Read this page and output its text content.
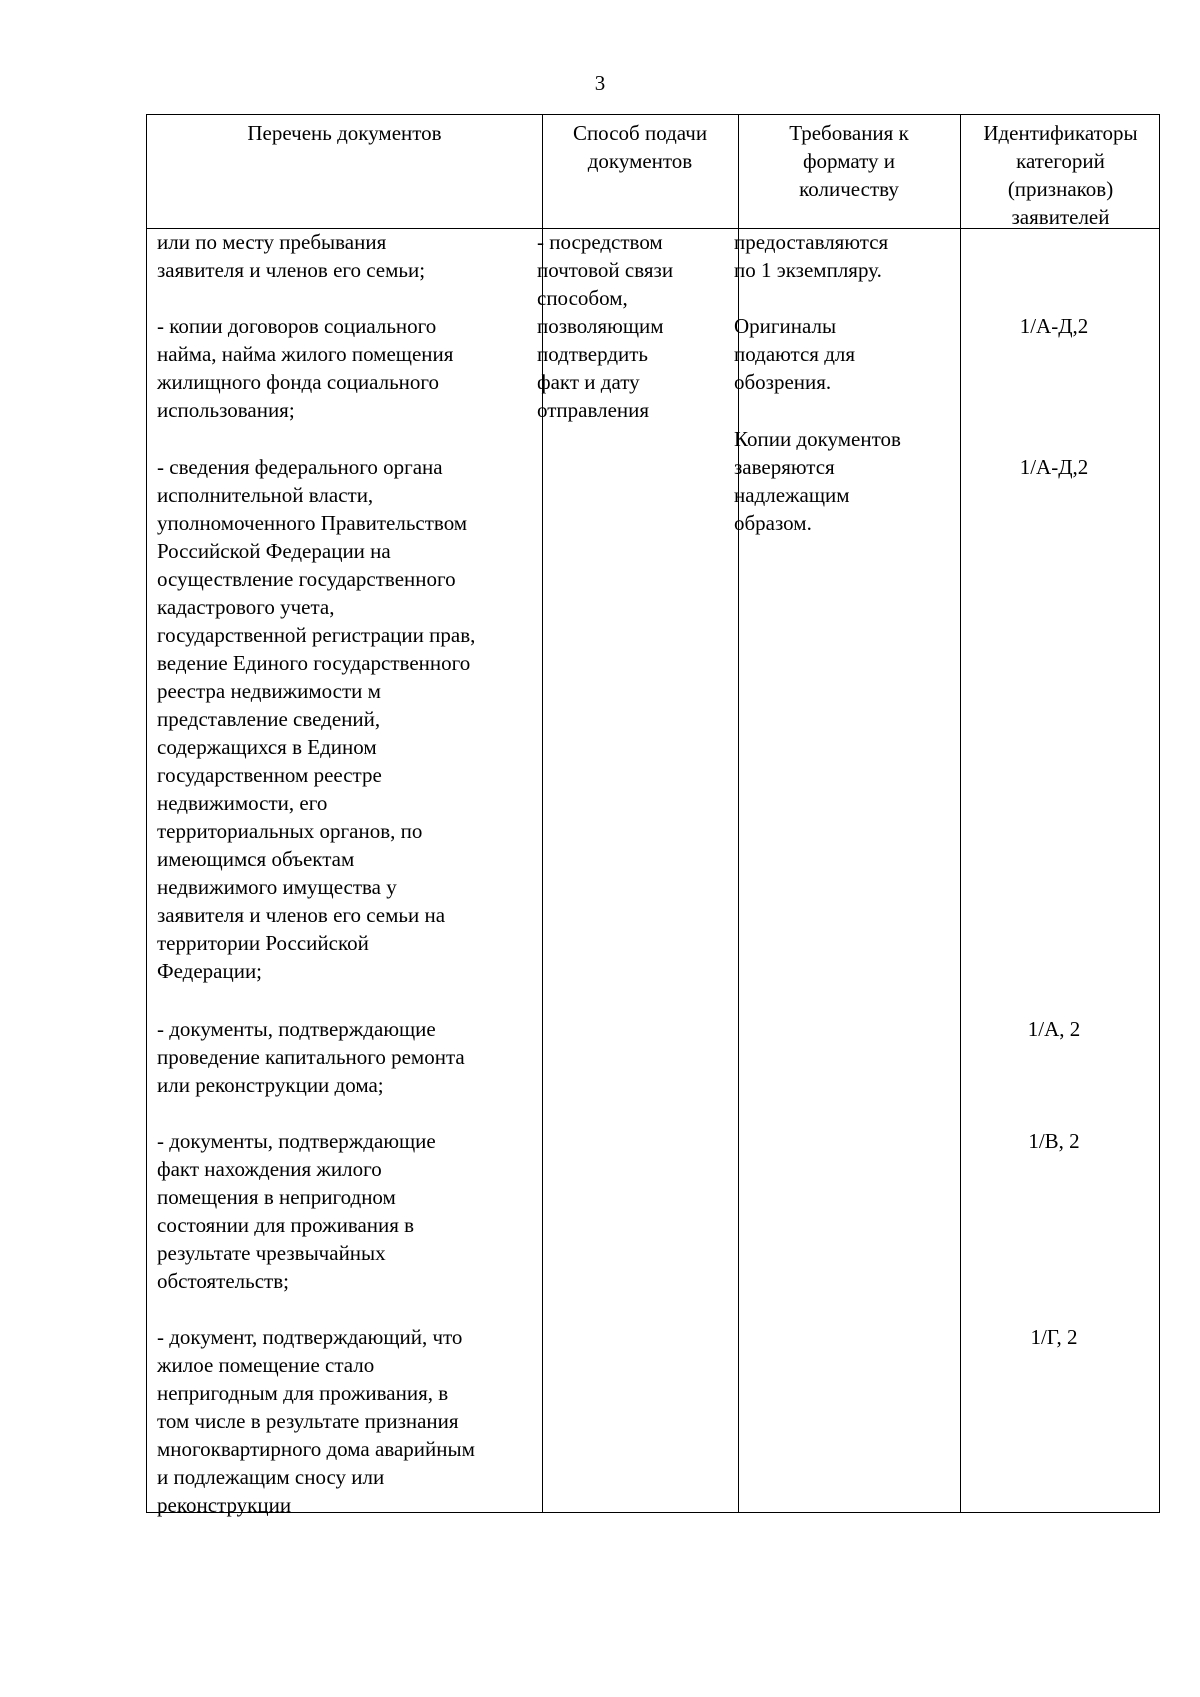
3
Перечень документов	Способ подачи
документов
Требования к
формату и
количеству
Идентификаторы
категорий
(признаков)
заявителей
или по месту пребывания
заявителя и членов его семьи;
- копии договоров социального
найма, найма жилого помещения
жилищного фонда социального
использования;
- сведения федерального органа
исполнительной власти,
уполномоченного Правительством
Российской Федерации на
осуществление государственного
кадастрового учета,
государственной регистрации прав,
ведение Единого государственного
реестра недвижимости м
представление сведений,
содержащихся в Едином
государственном реестре
недвижимости, его
территориальных органов, по
имеющимся объектам
недвижимого имущества у
заявителя и членов его семьи на
территории Российской
Федерации;
- документы, подтверждающие
проведение капитального ремонта
или реконструкции дома;
- документы, подтверждающие
факт нахождения жилого
помещения в непригодном
состоянии для проживания в
результате чрезвычайных
обстоятельств;
- документ, подтверждающий, что
жилое помещение стало
непригодным для проживания, в
том числе в результате признания
многоквартирного дома аварийным
и подлежащим сносу или
реконструкции
- посредством
почтовой связи
способом,
позволяющим
подтвердить
факт и дату
отправления
предоставляются
по 1 экземпляру.
Оригиналы
подаются для
обозрения.
Копии документов
заверяются
надлежащим
образом.
1/А-Д,2
1/А-Д,2
1/А, 2
1/В, 2
1/Г, 2
